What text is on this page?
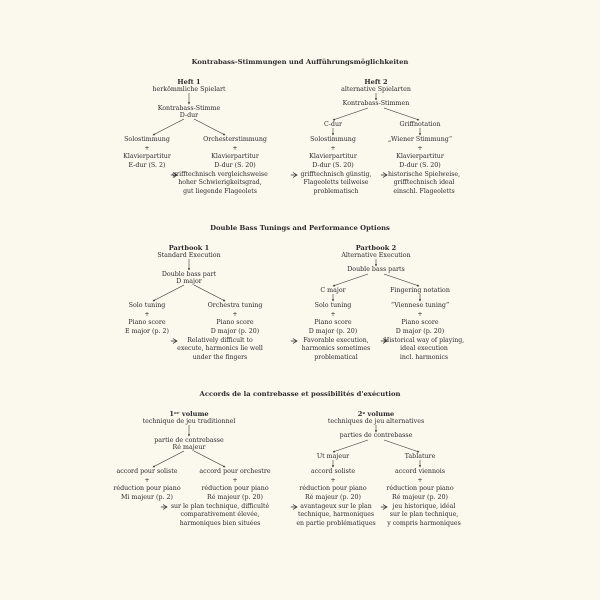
Kontrabass-Stimmungen und Aufführungsmöglichkeiten
Heft 1
herkömmliche Spielart
Kontrabass-Stimme
D-dur
Solostimmung
+
Klavierpartitur
E-dur (S. 2)
Orchesterstimmung
+
Klavierpartitur
D-dur (S. 20)
grifftechnisch vergleichsweise
hoher Schwierigkeitsgrad,
gut liegende Flageolets
Heft 2
alternative Spielarten
Kontrabass-Stimmen
C-dur	Griffnotation
Solostimmung
+
Klavierpartitur
D-dur (S. 20)
„Wiener Stimmung“
+
Klavierpartitur
D-dur (S. 20)
grifftechnisch günstig,
Flageoletts teilweise
problematisch
historische Spielweise,
grifftechnisch ideal
einschl. Flageoletts
Double Bass Tunings and Performance Options
Partbook 1
Standard Execution
Double bass part
D major
Solo tuning
+
Piano score
E major (p. 2)
Orchestra tuning
+
Piano score
D major (p. 20)
Relatively difficult to
execute, harmonics lie well
under the fingers
Partbook 2
Alternative Execution
Double bass parts
C major	Fingering notation
Solo tuning
+
Piano score
D major (p. 20)
“Viennese tuning”
+
Piano score
D major (p. 20)
Favorable execution,
harmonics sometimes
problematical
Historical way of playing,
ideal execution
incl. harmonics
Accords de la contrebasse et possibilités d'exécution
1ᵉʳ volume
technique de jeu traditionnel
partie de contrebasse
Ré majeur
accord pour soliste
+
réduction pour piano
Mi majeur (p. 2)
accord pour orchestre
+
réduction pour piano
Ré majeur (p. 20)
sur le plan technique, difficulté
comparativement élevée,
harmoniques bien situées
2ᵉ volume
techniques de jeu alternatives
parties de contrebasse
Ut majeur	Tablature
accord soliste
+
réduction pour piano
Ré majeur (p. 20)
accord viennois
+
réduction pour piano
Ré majeur (p. 20)
avantageux sur le plan
technique, harmoniques
en partie problématiques
jeu historique, idéal
sur le plan technique,
y compris harmoniques
